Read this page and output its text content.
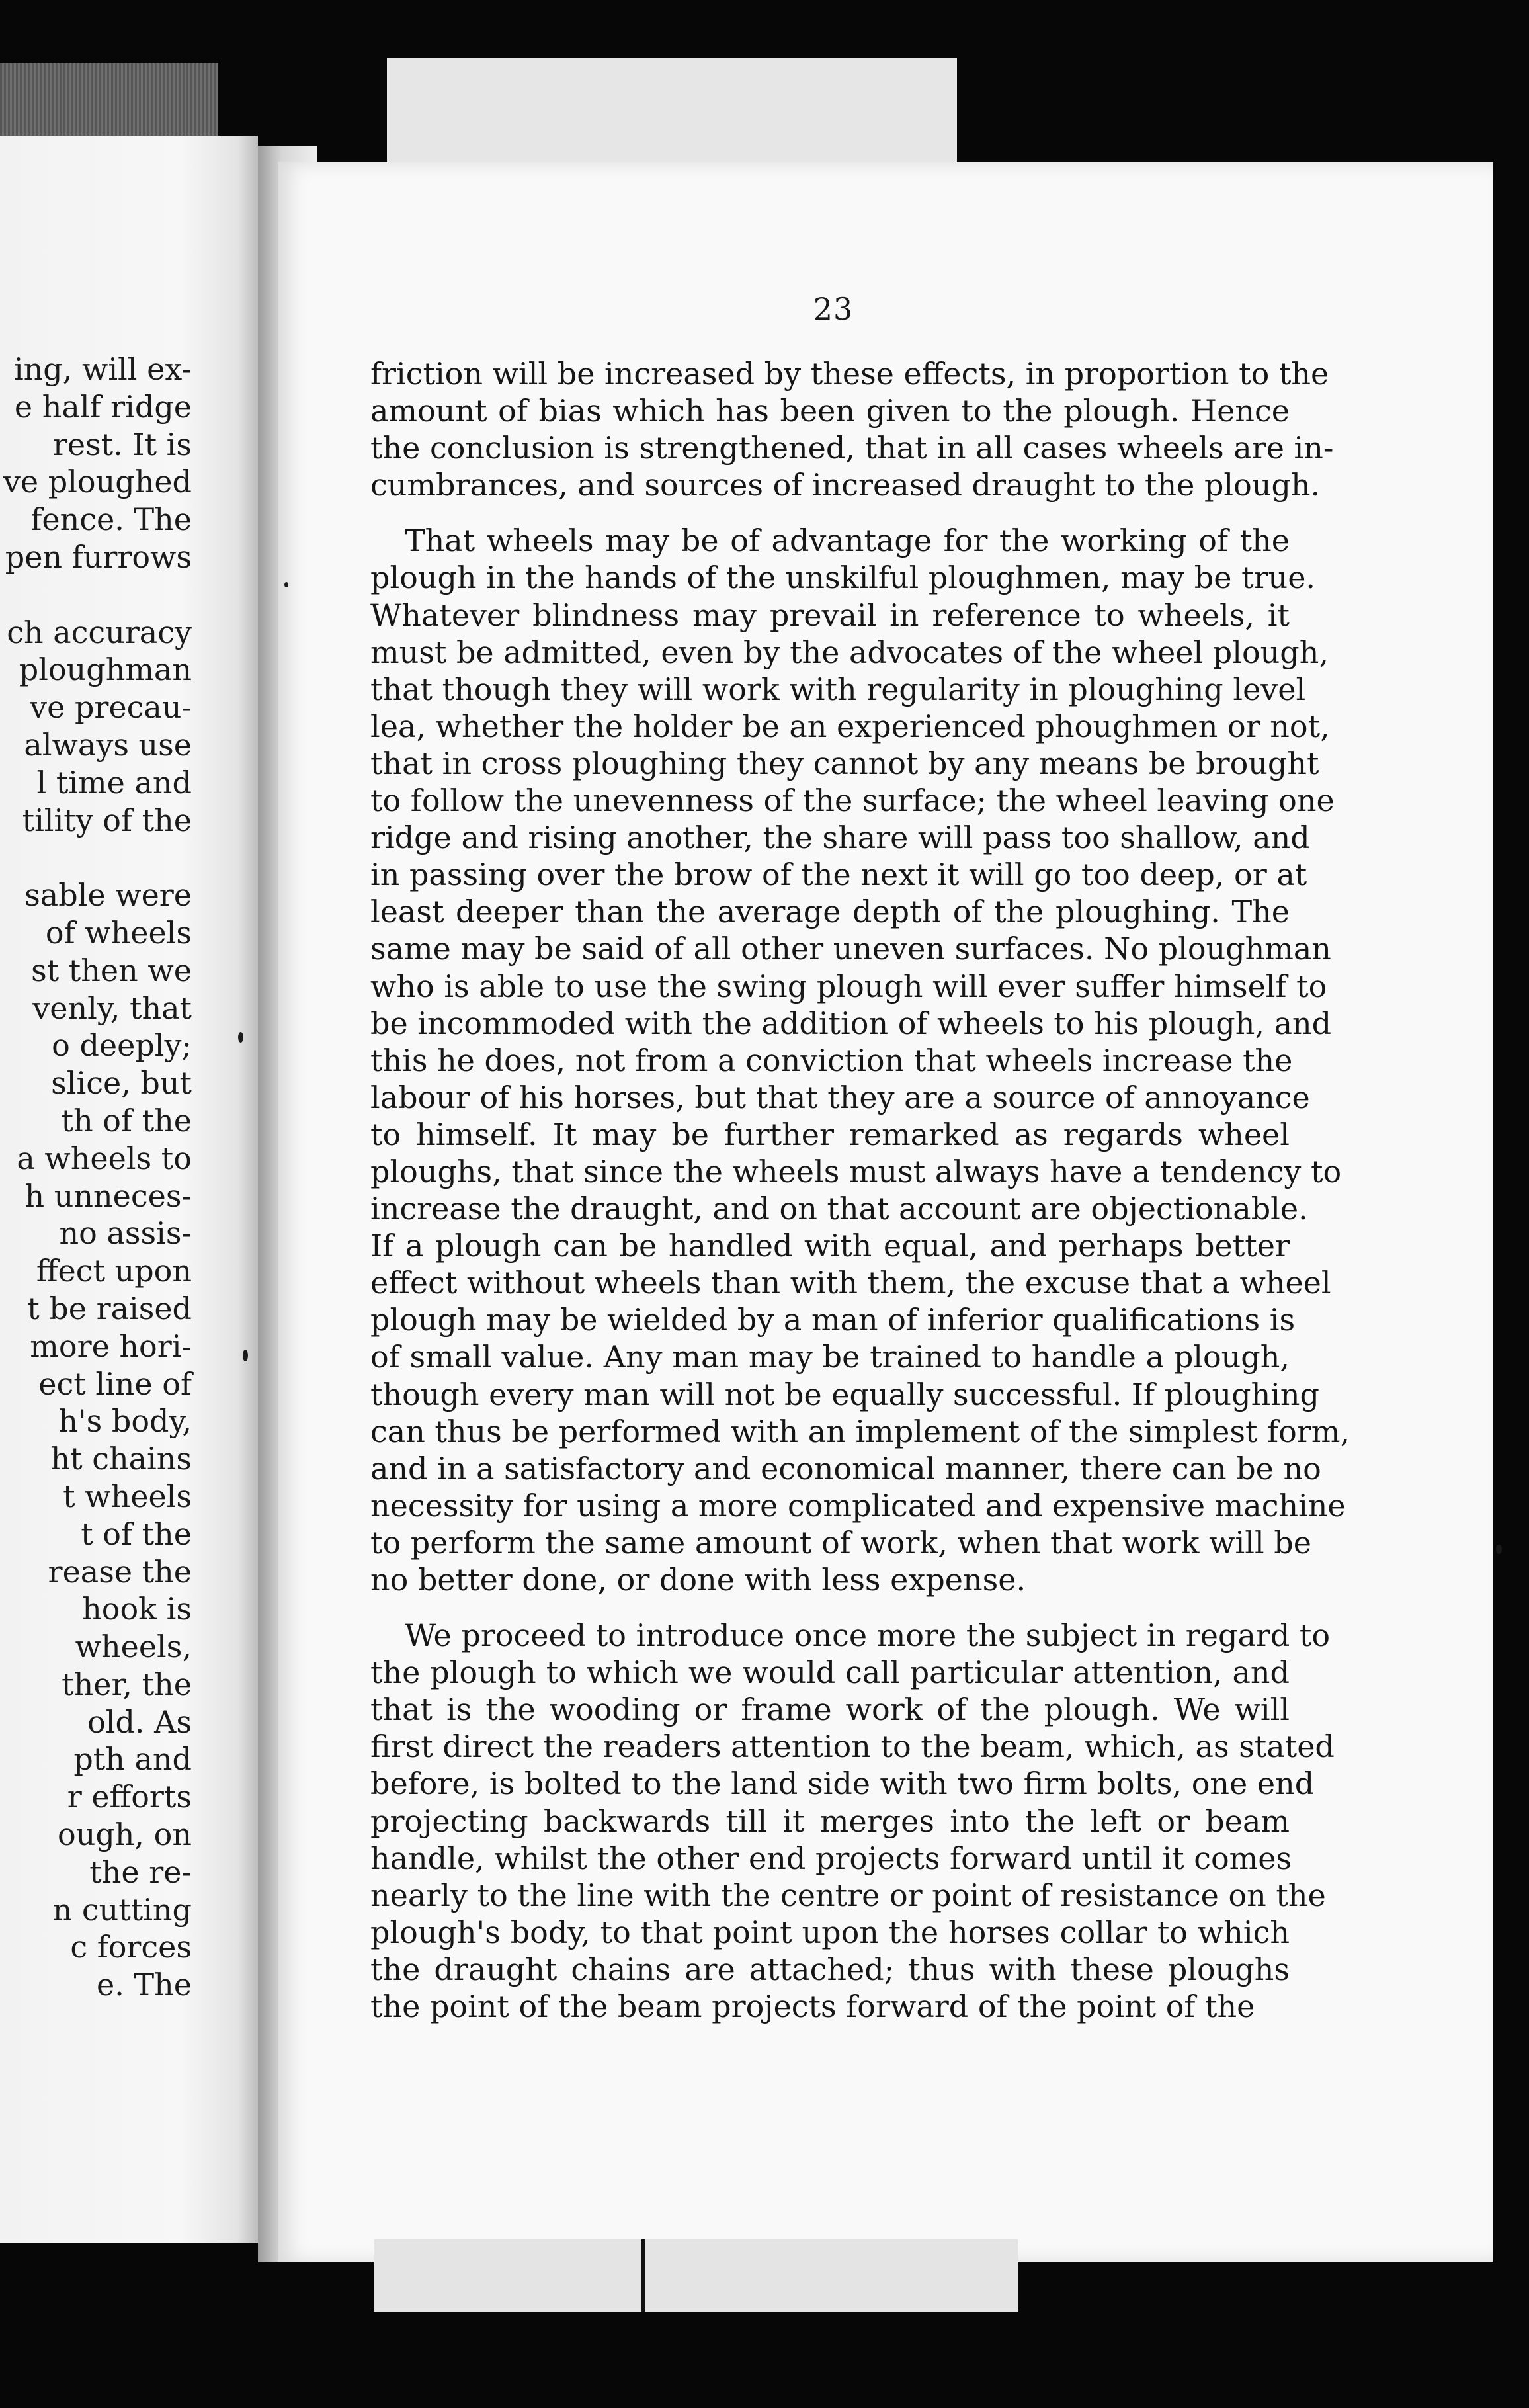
ing, will ex-
e half ridge
rest. It is
ve ploughed
fence. The
pen furrows
ch accuracy
ploughman
ve precau-
always use
l time and
tility of the
sable were
of wheels
st then we
venly, that
o deeply;
slice, but
th of the
a wheels to
h unneces-
no assis-
ffect upon
t be raised
more hori-
ect line of
h's body,
ht chains
t wheels
t of the
rease the
hook is
wheels,
ther, the
old. As
pth and
r efforts
ough, on
the re-
n cutting
c forces
e. The
23
friction will be increased by these effects, in proportion to the
amount of bias which has been given to the plough. Hence
the conclusion is strengthened, that in all cases wheels are in-
cumbrances, and sources of increased draught to the plough.
That wheels may be of advantage for the working of the
plough in the hands of the unskilful ploughmen, may be true.
Whatever blindness may prevail in reference to wheels, it
must be admitted, even by the advocates of the wheel plough,
that though they will work with regularity in ploughing level
lea, whether the holder be an experienced phoughmen or not,
that in cross ploughing they cannot by any means be brought
to follow the unevenness of the surface; the wheel leaving one
ridge and rising another, the share will pass too shallow, and
in passing over the brow of the next it will go too deep, or at
least deeper than the average depth of the ploughing. The
same may be said of all other uneven surfaces. No ploughman
who is able to use the swing plough will ever suffer himself to
be incommoded with the addition of wheels to his plough, and
this he does, not from a conviction that wheels increase the
labour of his horses, but that they are a source of annoyance
to himself. It may be further remarked as regards wheel
ploughs, that since the wheels must always have a tendency to
increase the draught, and on that account are objectionable.
If a plough can be handled with equal, and perhaps better
effect without wheels than with them, the excuse that a wheel
plough may be wielded by a man of inferior qualifications is
of small value. Any man may be trained to handle a plough,
though every man will not be equally successful. If ploughing
can thus be performed with an implement of the simplest form,
and in a satisfactory and economical manner, there can be no
necessity for using a more complicated and expensive machine
to perform the same amount of work, when that work will be
no better done, or done with less expense.
We proceed to introduce once more the subject in regard to
the plough to which we would call particular attention, and
that is the wooding or frame work of the plough. We will
first direct the readers attention to the beam, which, as stated
before, is bolted to the land side with two firm bolts, one end
projecting backwards till it merges into the left or beam
handle, whilst the other end projects forward until it comes
nearly to the line with the centre or point of resistance on the
plough's body, to that point upon the horses collar to which
the draught chains are attached; thus with these ploughs
the point of the beam projects forward of the point of the
